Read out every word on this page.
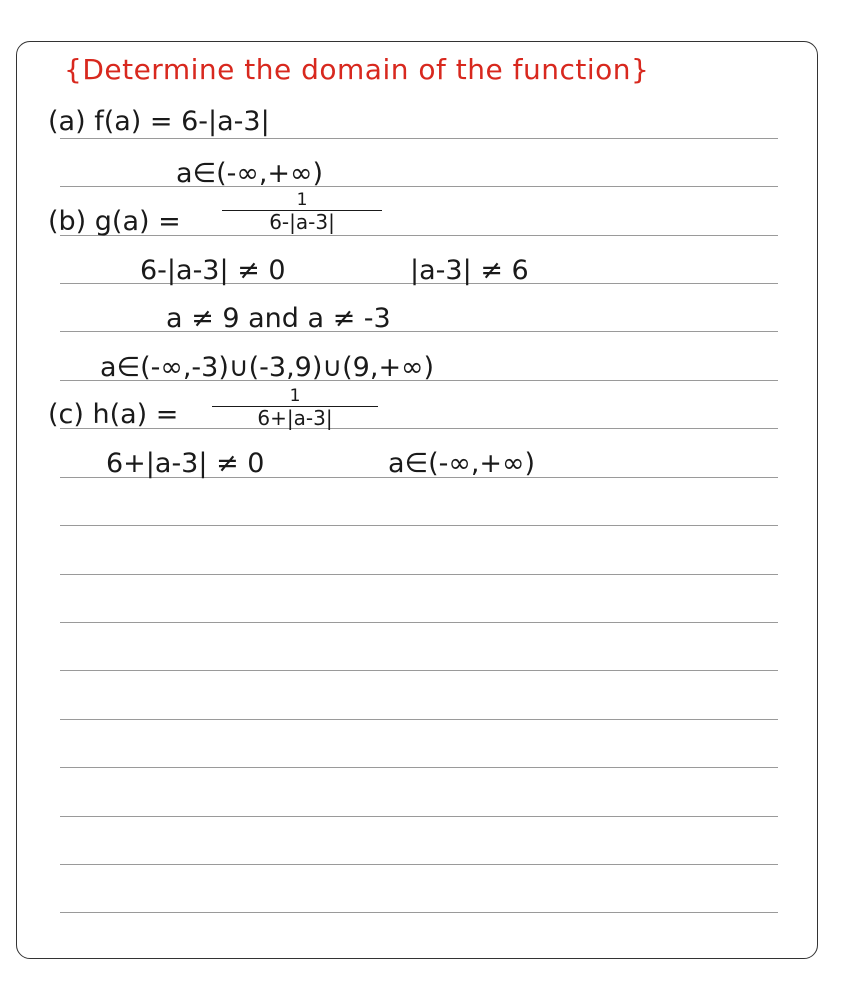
{Determine the domain of the function}
(a) f(a) = 6-|a-3|
a∈(-∞,+∞)
(b) g(a) =
1
6-|a-3|
6-|a-3| ≠ 0	|a-3| ≠ 6
a ≠ 9 and a ≠ -3
a∈(-∞,-3)∪(-3,9)∪(9,+∞)
(c) h(a) =
1
6+|a-3|
6+|a-3| ≠ 0	a∈(-∞,+∞)
